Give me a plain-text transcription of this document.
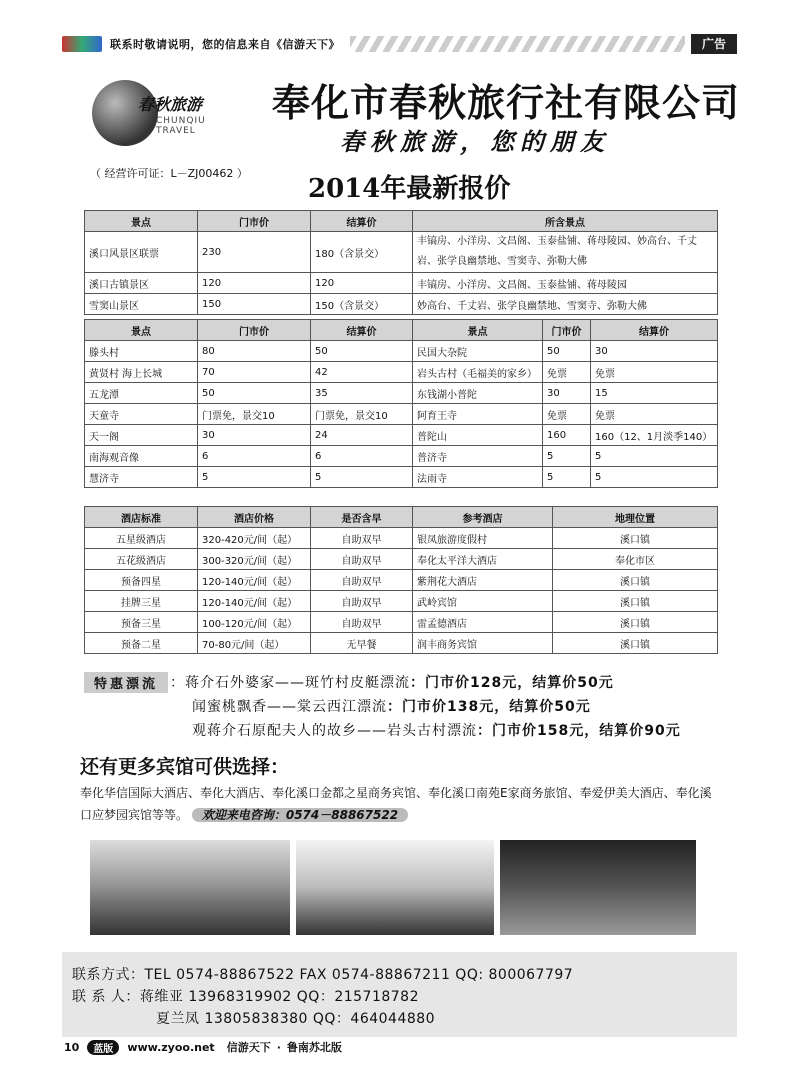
联系时敬请说明，您的信息来自《信游天下》	广告
春秋旅游
CHUNQIU TRAVEL
奉化市春秋旅行社有限公司
春秋旅游，您的朋友
（ 经营许可证：L－ZJ00462 ）
2014年最新报价
景点	门市价	结算价	所含景点
溪口风景区联票	230	180（含景交）	丰镐房、小洋房、文昌阁、玉泰盐铺、蒋母陵园、妙高台、千丈岩、张学良幽禁地、雪窦寺、弥勒大佛
溪口古镇景区	120	120	丰镐房、小洋房、文昌阁、玉泰盐铺、蒋母陵园
雪窦山景区	150	150（含景交）	妙高台、千丈岩、张学良幽禁地、雪窦寺、弥勒大佛
景点	门市价	结算价	景点	门市价	结算价
滕头村	80	50	民国大杂院	50	30
黄贤村 海上长城	70	42	岩头古村（毛福美的家乡）	免票	免票
五龙潭	50	35	东钱湖小普陀	30	15
天童寺	门票免，景交10	门票免，景交10	阿育王寺	免票	免票
天一阁	30	24	普陀山	160	160（12、1月淡季140）
南海观音像	6	6	普济寺	5	5
慧济寺	5	5	法雨寺	5	5
酒店标准	酒店价格	是否含早	参考酒店	地理位置
五星级酒店	320-420元/间（起）	自助双早	银凤旅游度假村	溪口镇
五花级酒店	300-320元/间（起）	自助双早	奉化太平洋大酒店	奉化市区
预备四星	120-140元/间（起）	自助双早	紫荆花大酒店	溪口镇
挂牌三星	120-140元/间（起）	自助双早	武岭宾馆	溪口镇
预备三星	100-120元/间（起）	自助双早	雷孟德酒店	溪口镇
预备二星	70-80元/间（起）	无早餐	润丰商务宾馆	溪口镇
特惠漂流 ：蒋介石外婆家——斑竹村皮艇漂流：门市价128元，结算价50元
闻蜜桃飘香——棠云西江漂流：门市价138元，结算价50元
观蒋介石原配夫人的故乡——岩头古村漂流：门市价158元，结算价90元
还有更多宾馆可供选择：
奉化华信国际大酒店、奉化大酒店、奉化溪口金都之星商务宾馆、奉化溪口南苑E家商务旅馆、奉爱伊美大酒店、奉化溪口应梦园宾馆等等。 欢迎来电咨询：0574－88867522
联系方式：TEL 0574-88867522 FAX 0574-88867211 QQ: 800067797
联 系 人：蒋维亚 13968319902 QQ：215718782
夏兰凤 13805838380 QQ：464044880
10	蓝版	www.zyoo.net 信游天下 · 鲁南苏北版
